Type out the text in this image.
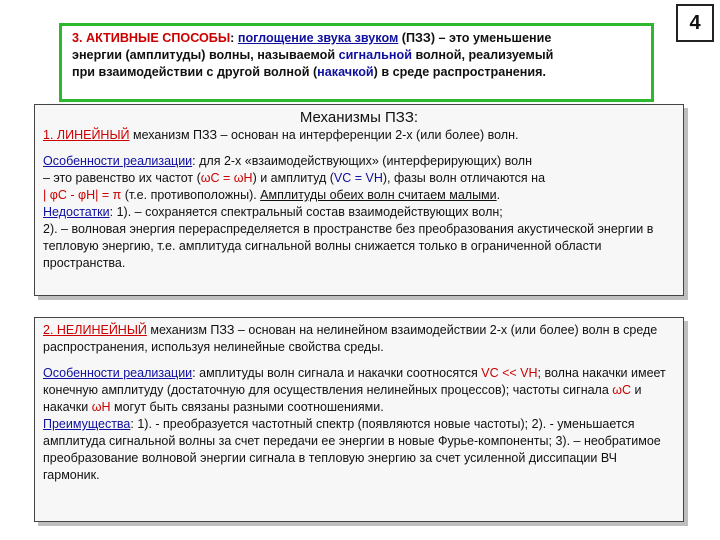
4
3. АКТИВНЫЕ СПОСОБЫ: поглощение звука звуком (ПЗЗ) – это уменьшение
энергии (амплитуды) волны, называемой сигнальной волной, реализуемый
при взаимодействии с другой волной (накачкой) в среде распространения.
Механизмы ПЗЗ:

1. ЛИНЕЙНЫЙ механизм ПЗЗ – основан на интерференции 2-х (или более) волн.

Особенности реализации: для 2-х «взаимодействующих» (интерферирующих) волн
– это равенство их частот (ωC = ωH) и амплитуд (VC = VH), фазы волн отличаются на
| φC - φH| = π (т.е. противоположны). Амплитуды обеих волн считаем малыми.
Недостатки: 1). – сохраняется спектральный состав взаимодействующих волн;
2). – волновая энергия перераспределяется в пространстве без преобразования акустической энергии в тепловую энергию, т.е. амплитуда сигнальной волны снижается только в ограниченной области пространства.

2. НЕЛИНЕЙНЫЙ механизм ПЗЗ – основан на нелинейном взаимодействии 2-х (или более) волн в среде распространения, используя нелинейные свойства среды.

Особенности реализации: амплитуды волн сигнала и накачки соотносятся VC << VH; волна накачки имеет конечную амплитуду (достаточную для осуществления нелинейных процессов); частоты сигнала ωC и накачки ωH могут быть связаны разными соотношениями.
Преимущества: 1). - преобразуется частотный спектр (появляются новые частоты); 2). - уменьшается амплитуда сигнальной волны за счет передачи ее энергии в новые Фурье-компоненты; 3). – необратимое преобразование волновой энергии сигнала в тепловую энергию за счет усиленной диссипации ВЧ гармоник.
